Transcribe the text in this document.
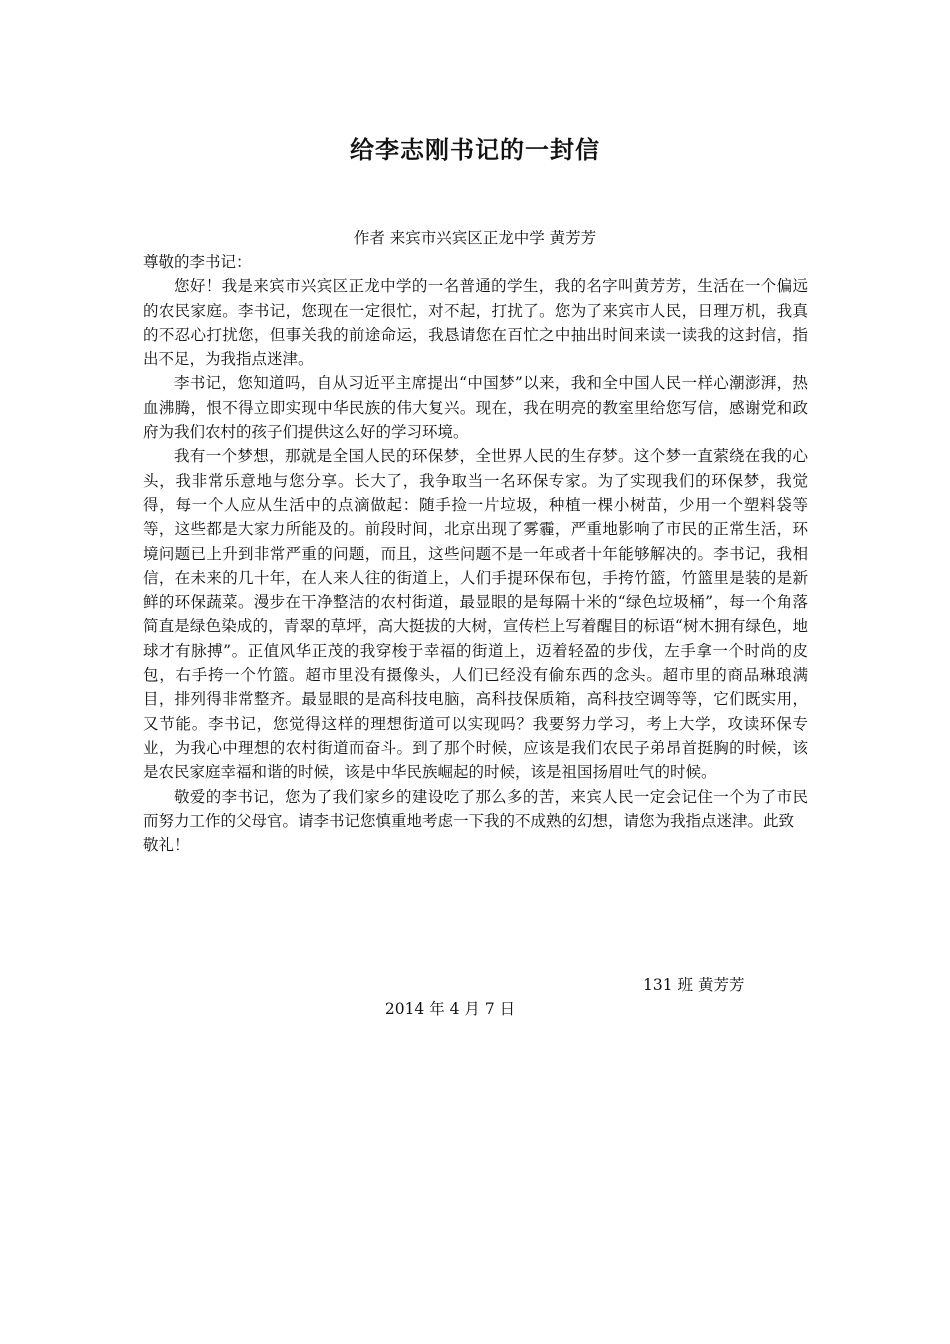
给李志刚书记的一封信
作者 来宾市兴宾区正龙中学 黄芳芳

尊敬的李书记：

您好！我是来宾市兴宾区正龙中学的一名普通的学生，我的名字叫黄芳芳，生活在一个偏远的农民家庭。李书记，您现在一定很忙，对不起，打扰了。您为了来宾市人民，日理万机，我真的不忍心打扰您，但事关我的前途命运，我恳请您在百忙之中抽出时间来读一读我的这封信，指出不足，为我指点迷津。

李书记，您知道吗，自从习近平主席提出“中国梦”以来，我和全中国人民一样心潮澎湃，热血沸腾，恨不得立即实现中华民族的伟大复兴。现在，我在明亮的教室里给您写信，感谢党和政府为我们农村的孩子们提供这么好的学习环境。

我有一个梦想，那就是全国人民的环保梦，全世界人民的生存梦。这个梦一直萦绕在我的心头，我非常乐意地与您分享。长大了，我争取当一名环保专家。为了实现我们的环保梦，我觉得，每一个人应从生活中的点滴做起：随手捡一片垃圾，种植一棵小树苗，少用一个塑料袋等等，这些都是大家力所能及的。前段时间，北京出现了雾霾，严重地影响了市民的正常生活，环境问题已上升到非常严重的问题，而且，这些问题不是一年或者十年能够解决的。李书记，我相信，在未来的几十年，在人来人往的街道上，人们手提环保布包，手挎竹篮，竹篮里是装的是新鲜的环保蔬菜。漫步在干净整洁的农村街道，最显眼的是每隔十米的“绿色垃圾桶”，每一个角落简直是绿色染成的，青翠的草坪，高大挺拔的大树，宣传栏上写着醒目的标语“树木拥有绿色，地球才有脉搏”。正值风华正茂的我穿梭于幸福的街道上，迈着轻盈的步伐，左手拿一个时尚的皮包，右手挎一个竹篮。超市里没有摄像头，人们已经没有偷东西的念头。超市里的商品琳琅满目，排列得非常整齐。最显眼的是高科技电脑，高科技保质箱，高科技空调等等，它们既实用，又节能。李书记，您觉得这样的理想街道可以实现吗？我要努力学习，考上大学，攻读环保专业，为我心中理想的农村街道而奋斗。到了那个时候，应该是我们农民子弟昂首挺胸的时候，该是农民家庭幸福和谐的时候，该是中华民族崛起的时候，该是祖国扬眉吐气的时候。

敬爱的李书记，您为了我们家乡的建设吃了那么多的苦，来宾人民一定会记住一个为了市民而努力工作的父母官。请李书记您慎重地考虑一下我的不成熟的幻想，请您为我指点迷津。此致

敬礼！

131 班 黄芳芳
2014 年 4 月 7 日
